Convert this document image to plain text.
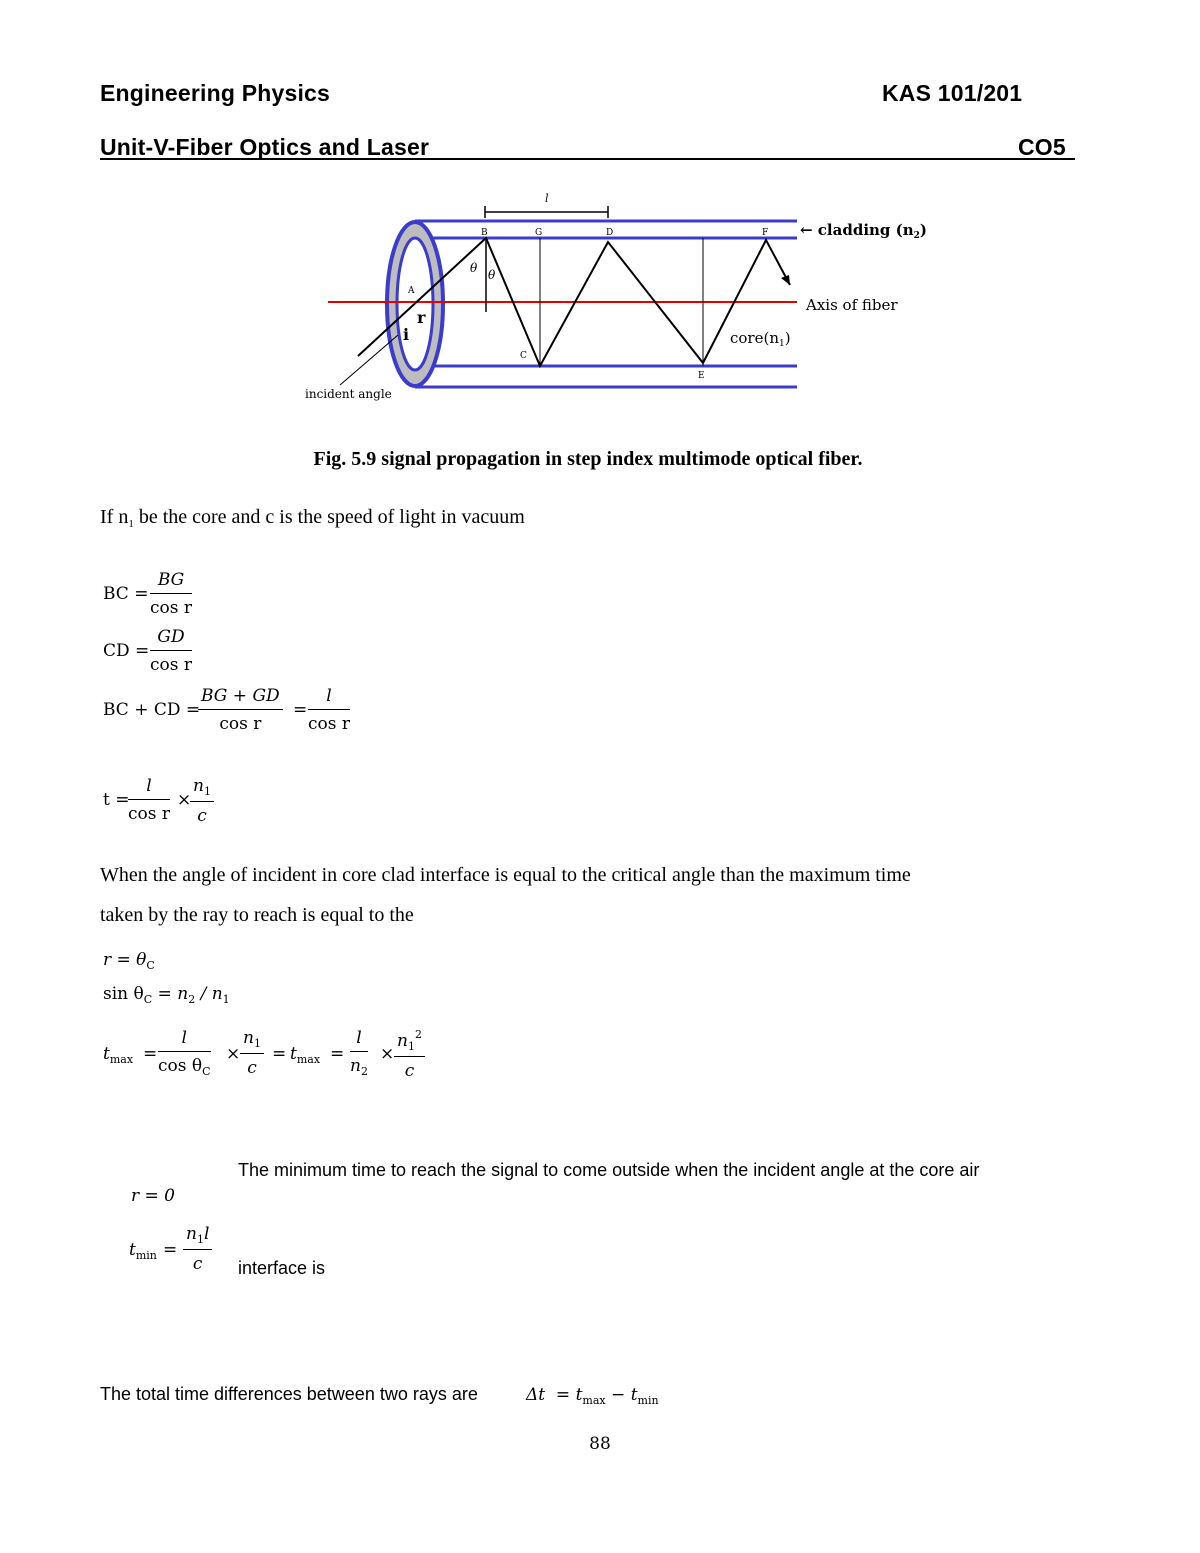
Engineering Physics	KAS 101/201
Unit-V-Fiber Optics and Laser	CO5
l
B	G	D	F
C
E
A
θ θ
r
i
← cladding $(n_2)$
Axis of fiber
$core(n_1)$
incident angle
Fig. 5.9 signal propagation in step index multimode optical fiber.
If $n_1$ be the core and c is the speed of light in vacuum
BC = $\frac{BG}{\text{cos r}}$
CD = $\frac{GD}{\text{cos r}}$
BC + CD =
$\frac{BG + GD}{\text{cos r}} = \frac{l}{\text{cos r}}$
t =
$\frac{l}{\text{cos r}}$ ×
$\frac{n_1}{c}$
When the angle of incident in core clad interface is equal to the critical angle than the maximum time
taken by the ray to reach is equal to the
$r = \theta_C$
$\sin \theta_C = n_2 / n_1$
$t_{max} = \frac{l}{\cos \theta_C} \times \frac{n_1}{c} = t_{max} = \frac{l}{n_2} \times \frac{n_1^2}{c}$
The minimum time to reach the signal to come outside when the incident angle at the core air
r = 0
$t_{min} = \frac{n_1l}{c}$ interface is
The total time differences between two rays are	$\Delta t = t_{max} - t_{min}$
88
